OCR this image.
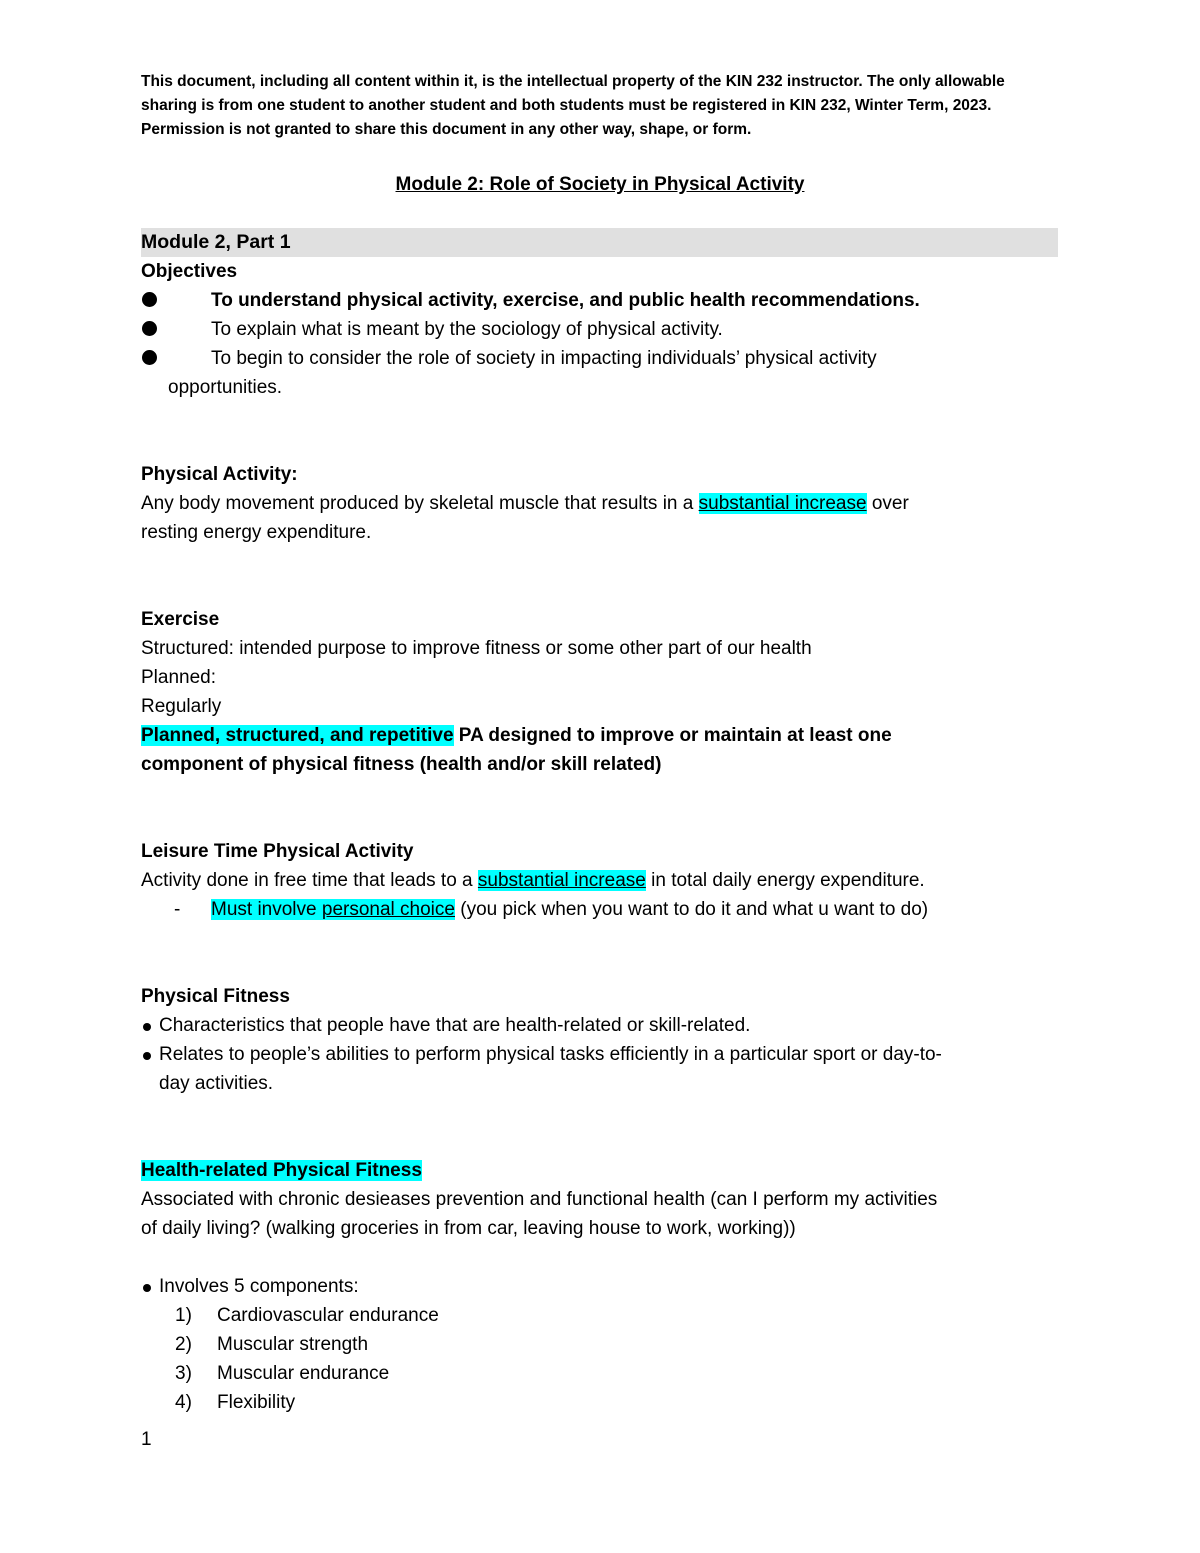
This document, including all content within it, is the intellectual property of the KIN 232 instructor. The only allowable sharing is from one student to another student and both students must be registered in KIN 232, Winter Term, 2023. Permission is not granted to share this document in any other way, shape, or form.
Module 2: Role of Society in Physical Activity
Module 2, Part 1
Objectives
To understand physical activity, exercise, and public health recommendations.
To explain what is meant by the sociology of physical activity.
To begin to consider the role of society in impacting individuals’ physical activity
opportunities.
Physical Activity:
Any body movement produced by skeletal muscle that results in a substantial increase over
resting energy expenditure.
Exercise
Structured: intended purpose to improve fitness or some other part of our health
Planned:
Regularly
Planned, structured, and repetitive PA designed to improve or maintain at least one
component of physical fitness (health and/or skill related)
Leisure Time Physical Activity
Activity done in free time that leads to a substantial increase in total daily energy expenditure.
- Must involve personal choice (you pick when you want to do it and what u want to do)
Physical Fitness
Characteristics that people have that are health-related or skill-related.
Relates to people’s abilities to perform physical tasks efficiently in a particular sport or day-to-
day activities.
Health-related Physical Fitness
Associated with chronic desieases prevention and functional health (can I perform my activities
of daily living? (walking groceries in from car, leaving house to work, working))
Involves 5 components:
1) Cardiovascular endurance
2) Muscular strength
3) Muscular endurance
4) Flexibility
1
